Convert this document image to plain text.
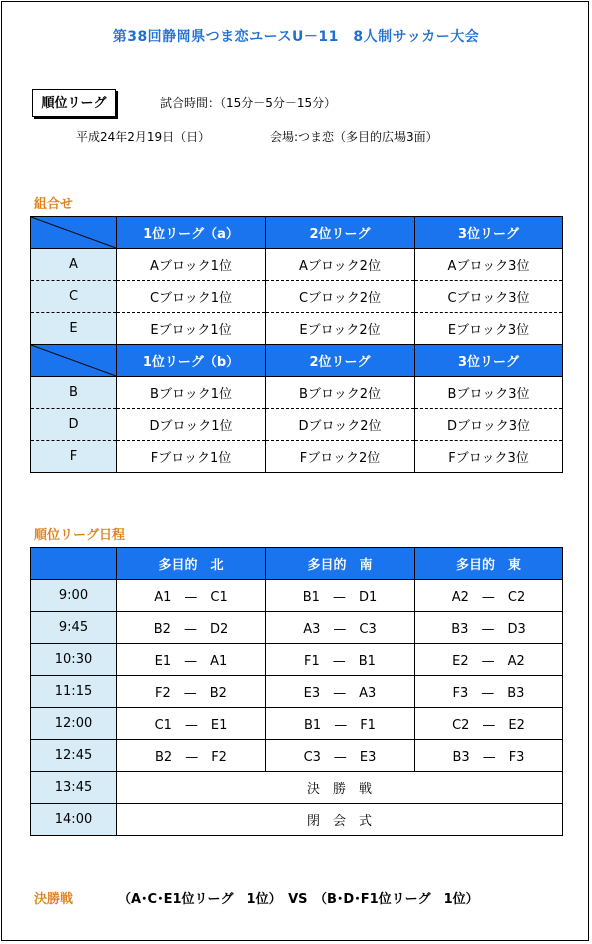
第38回静岡県つま恋ユースU－11　8人制サッカー大会
順位リーグ	試合時間：（15分－5分－15分）
平成24年2月19日（日）	会場:つま恋（多目的広場3面）
組合せ
	1位リーグ（a）	2位リーグ	3位リーグ
A	Aブロック1位	Aブロック2位	Aブロック3位
C	Cブロック1位	Cブロック2位	Cブロック3位
E	Eブロック1位	Eブロック2位	Eブロック3位

	1位リーグ（b）	2位リーグ	3位リーグ
B	Bブロック1位	Bブロック2位	Bブロック3位
D	Dブロック1位	Dブロック2位	Dブロック3位
F	Fブロック1位	Fブロック2位	Fブロック3位
順位リーグ日程
	多目的　北	多目的　南	多目的　東
9:00	A1　—　C1	B1　—　D1	A2　—　C2
9:45	B2　—　D2	A3　—　C3	B3　—　D3
10:30	E1　—　A1	F1　—　B1	E2　—　A2
11:15	F2　—　B2	E3　—　A3	F3　—　B3
12:00	C1　—　E1	B1　—　F1	C2　—　E2
12:45	B2　—　F2	C3　—　E3	B3　—　F3
13:45	決　勝　戦		
14:00	閉　会　式		
決勝戦	（A･C･E1位リーグ　1位）　VS　（B･D･F1位リーグ　1位）
